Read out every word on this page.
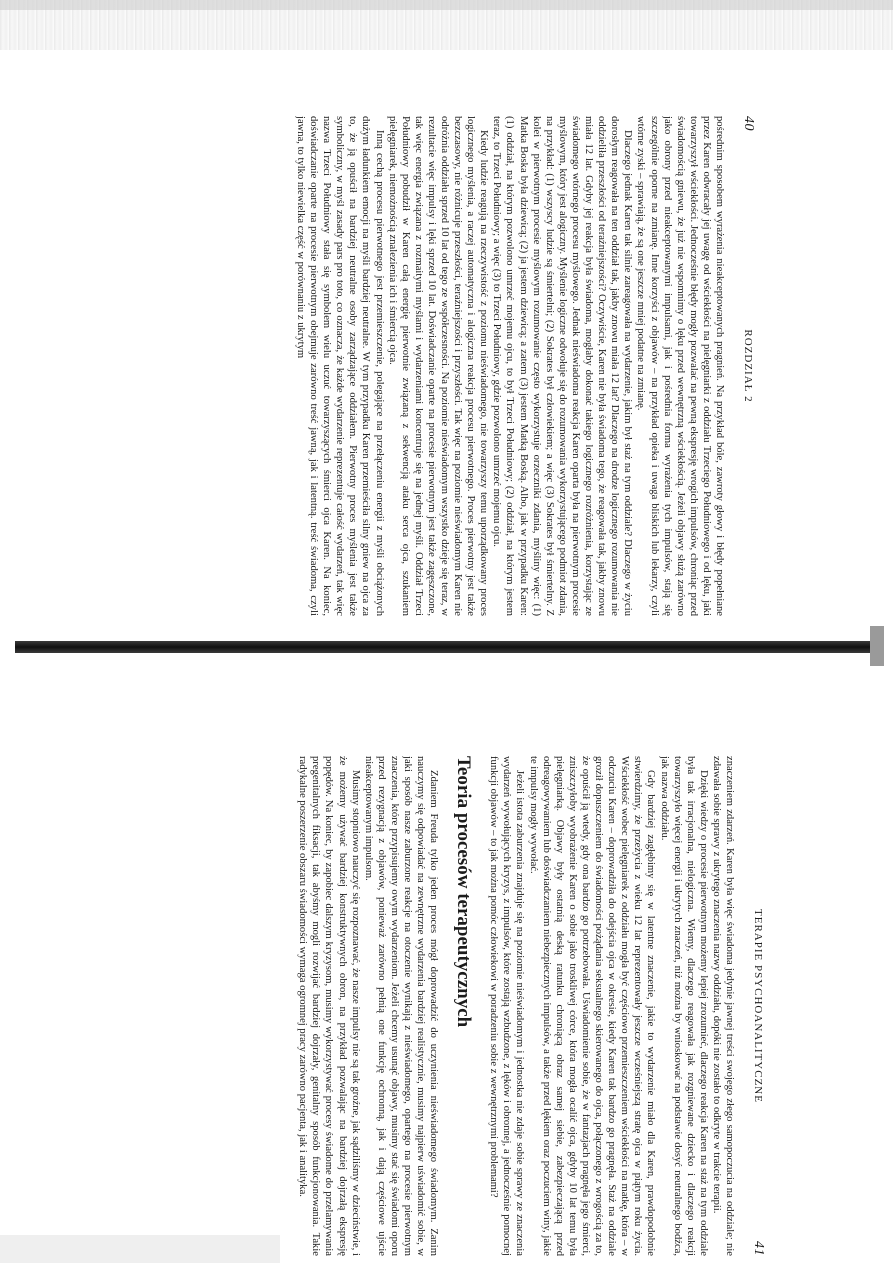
40
ROZDZIAŁ 2

pośrednim sposobem wyrażenia nieakceptowanych pragnień. Na przykład bóle, zawroty głowy i błędy popełniane przez Karen odwracały jej uwagę od wściekłości na pielęgniarki z oddziału Trzeciego Południowego i od lęku, jaki towarzyszył wściekłości. Jednocześnie błędy mogły pozwalać na pewną ekspresję wrogich impulsów, chroniąc przed świadomością gniewu, że już nie wspomnimy o lęku przed wewnętrzną wściekłością. Jeżeli objawy służą zarówno jako obrony przed nieakceptowanymi impulsami, jak i pośrednia forma wyrażenia tych impulsów, stają się szczególnie oporne na zmianę. Inne korzyści z objawów – na przykład opieka i uwaga bliskich lub lekarzy, czyli wtórne zyski – sprawiają, że są one jeszcze mniej podatne na zmianę.

Dlaczego jednak Karen tak silnie zareagowała na wydarzenie, jakim był staż na tym oddziale? Dlaczego w życiu dorosłym reagowała na ten oddział tak, jakby znowu miała 12 lat? Dlaczego na drodze logicznego rozumowania nie oddzieliła przeszłości od teraźniejszości? Oczywiście, Karen nie była świadoma tego, że reagowała tak, jakby znowu miała 12 lat. Gdyby jej reakcja była świadoma, mogłaby dokonać takiego logicznego rozróżnienia, korzystając ze świadomego wtórnego procesu myślowego. Jednak nieświadoma reakcja Karen oparta była na pierwotnym procesie myślowym, który jest alogiczny. Myślenie logiczne odwołuje się do rozumowania wykorzystującego podmiot zdania, na przykład: (1) wszyscy ludzie są śmiertelni; (2) Sokrates był człowiekiem; a więc (3) Sokrates był śmiertelny. Z kolei w pierwotnym procesie myślowym rozumowanie często wykorzystuje orzeczniki zdania, myśliny więc: (1) Matka Boska była dziewicą; (2) ja jestem dziewicą; a zatem (3) jestem Matką Boską. Albo, jak w przypadku Karen: (1) oddział, na którym pozwolono umrzeć mojemu ojcu, to był Trzeci Południowy; (2) oddział, na którym jestem teraz, to Trzeci Południowy; a więc (3) to Trzeci Południowy, gdzie pozwolono umrzeć mojemu ojcu.

Kiedy ludzie reagują na rzeczywistość z poziomu nieświadomego, nie towarzyszy temu uporządkowany proces logicznego myślenia, a raczej automatyczna i alogiczna reakcja procesu pierwotnego. Proces pierwotny jest także bezczasowy, nie różnicuje przeszłości, teraźniejszości i przyszłości. Tak więc na poziomie nieświadomym Karen nie odróżnia oddziału sprzed 10 lat od tego ze współczesności. Na poziomie nieświadomym wszystko dzieje się teraz, w rezultacie więc impulsy i lęki sprzed 10 lat. Doświadczanie oparte na procesie pierwotnym jest także zagęszczone, tak więc energia związana z rozmaitymi myślami i wydarzeniami koncentruje się na jednej myśli. Oddział Trzeci Południowy pobudził w Karen całą energię pierwotnie związaną z sekwencją ataku serca ojca, szukaniem pielęgniarek, niemożnością znalezienia ich i śmiercią ojca.

Inną cechą procesu pierwotnego jest przemieszczenie, polegające na przełączeniu energii z myśli obciążonych dużym ładunkiem emocji na myśli bardziej neutralne. W tym przypadku Karen przemieściła silny gniew na ojca za to, że ją opuścił na bardziej neutralne osoby zarządzające oddziałem. Pierwotny proces myślenia jest także symboliczny, w myśl zasady pars pro toto, co oznacza, że każde wydarzenie reprezentuje całość wydarzeń, tak więc nazwa Trzeci Południowy stała się symbolem wielu uczuć towarzyszących śmierci ojca Karen. Na koniec, doświadczanie oparte na procesie pierwotnym obejmuje zarówno treść jawną, jak i latentną. treść świadoma, czyli jawna, to tylko niewielka część w porównaniu z ukrytym

TERAPIE PSYCHOANALITYCZNE
41

znaczeniem zdarzeń. Karen była więc świadoma jedynie jawnej treści swojego złego samopoczucia na oddziale; nie zdawała sobie sprawy z ukrytego znaczenia nazwy oddziału, dopóki nie zostało to odkryte w trakcie terapii.

Dzięki wiedzy o procesie pierwotnym możemy lepiej zrozumieć, dlaczego reakcja Karen na staż na tym oddziale była tak irracjonalna, nielogiczna. Wiemy, dlaczego reagowała jak rozgniewane dziecko i dlaczego reakcji towarzyszyło więcej energii i ukrytych znaczeń, niż można by wnioskować na podstawie dosyć neutralnego bodźca, jak nazwa oddziału.

Gdy bardziej zagłębimy się w latentne znaczenie, jakie to wydarzenie miało dla Karen, prawdopodobnie stwierdzimy, że przeżycia z wieku 12 lat reprezentowały jeszcze wcześniejszą stratę ojca w piątym roku życia. Wściekłość wobec pielęgniarek z oddziału mogła być częściowo przemieszczeniem wściekłości na matkę, która – w odczuciu Karen – doprowadziła do odejścia ojca w okresie, kiedy Karen tak bardzo go pragnęła. Staż na oddziale groził dopuszczeniem do świadomości pożądania seksualnego skierowanego do ojca, połączonego z wrogością za to, że opuścił ją wtedy, gdy ona bardzo go potrzebowała. Uświadomienie sobie, że w fantazjach pragnęła jego śmierci, zniszczyłoby wyobrażenie Karen o sobie jako troskliwej córce, która mogła ocalić ojca, gdyby 10 lat temu była pielęgniarką. Objawy były ostatnią deską ratunku chroniącą obraz samej siebie, zabezpieczającą przed odreagowywaniem lub doświadczaniem niebezpiecznych impulsów, a także przed lękiem oraz poczuciem winy, jakie te impulsy mogły wywołać.

Jeżeli istota zaburzenia znajduje się na poziomie nieświadomym i jednostka nie zdaje sobie sprawy ze znaczenia wydarzeń wywołujących kryzys, z impulsów, które zostają wzbudzone, z lęków i obronnej, a jednocześnie pomocnej funkcji objawów – to jak można pomóc człowiekowi w poradzeniu sobie z wewnętrznymi problemami?

Teoria procesów terapeutycznych

Zdaniem Freuda tylko jeden proces mógł doprowadzić do uczynienia nieświadomego świadomym. Zanim nauczymy się odpowiadać na zewnętrzne wydarzenia bardziej realistycznie, musimy najpierw uświadomić sobie, w jaki sposób nasze zaburzone reakcje na otoczenie wynikają z nieświadomego, opartego na procesie pierwotnym znaczenia, które przypisujemy owym wydarzeniom. Jeżeli chcemy usunąć objawy, musimy stać się świadomi oporu przed rezygnacją z objawów, ponieważ zarówno pełnią one funkcję ochronną, jak i dają częściowe ujście nieakceptowanym impulsom.

Musimy stopniowo nauczyć się rozpoznawać, że nasze impulsy nie są tak groźne, jak sądziliśmy w dzieciństwie, i że możemy używać bardziej konstruktywnych obron, na przykład pozwalając na bardziej dojrzałą ekspresję popędów. Na koniec, by zapobiec dalszym kryzysom, musimy wykorzystywać procesy świadome do przelamywania pregenitalnych fiksacji, tak abyśmy mogli rozwijać bardziej dojrzały, genitalny sposób funkcjonowania. Takie radykalne poszerzenie obszaru świadomości wymaga ogromnej pracy zarówno pacjenta, jak i analityka.
